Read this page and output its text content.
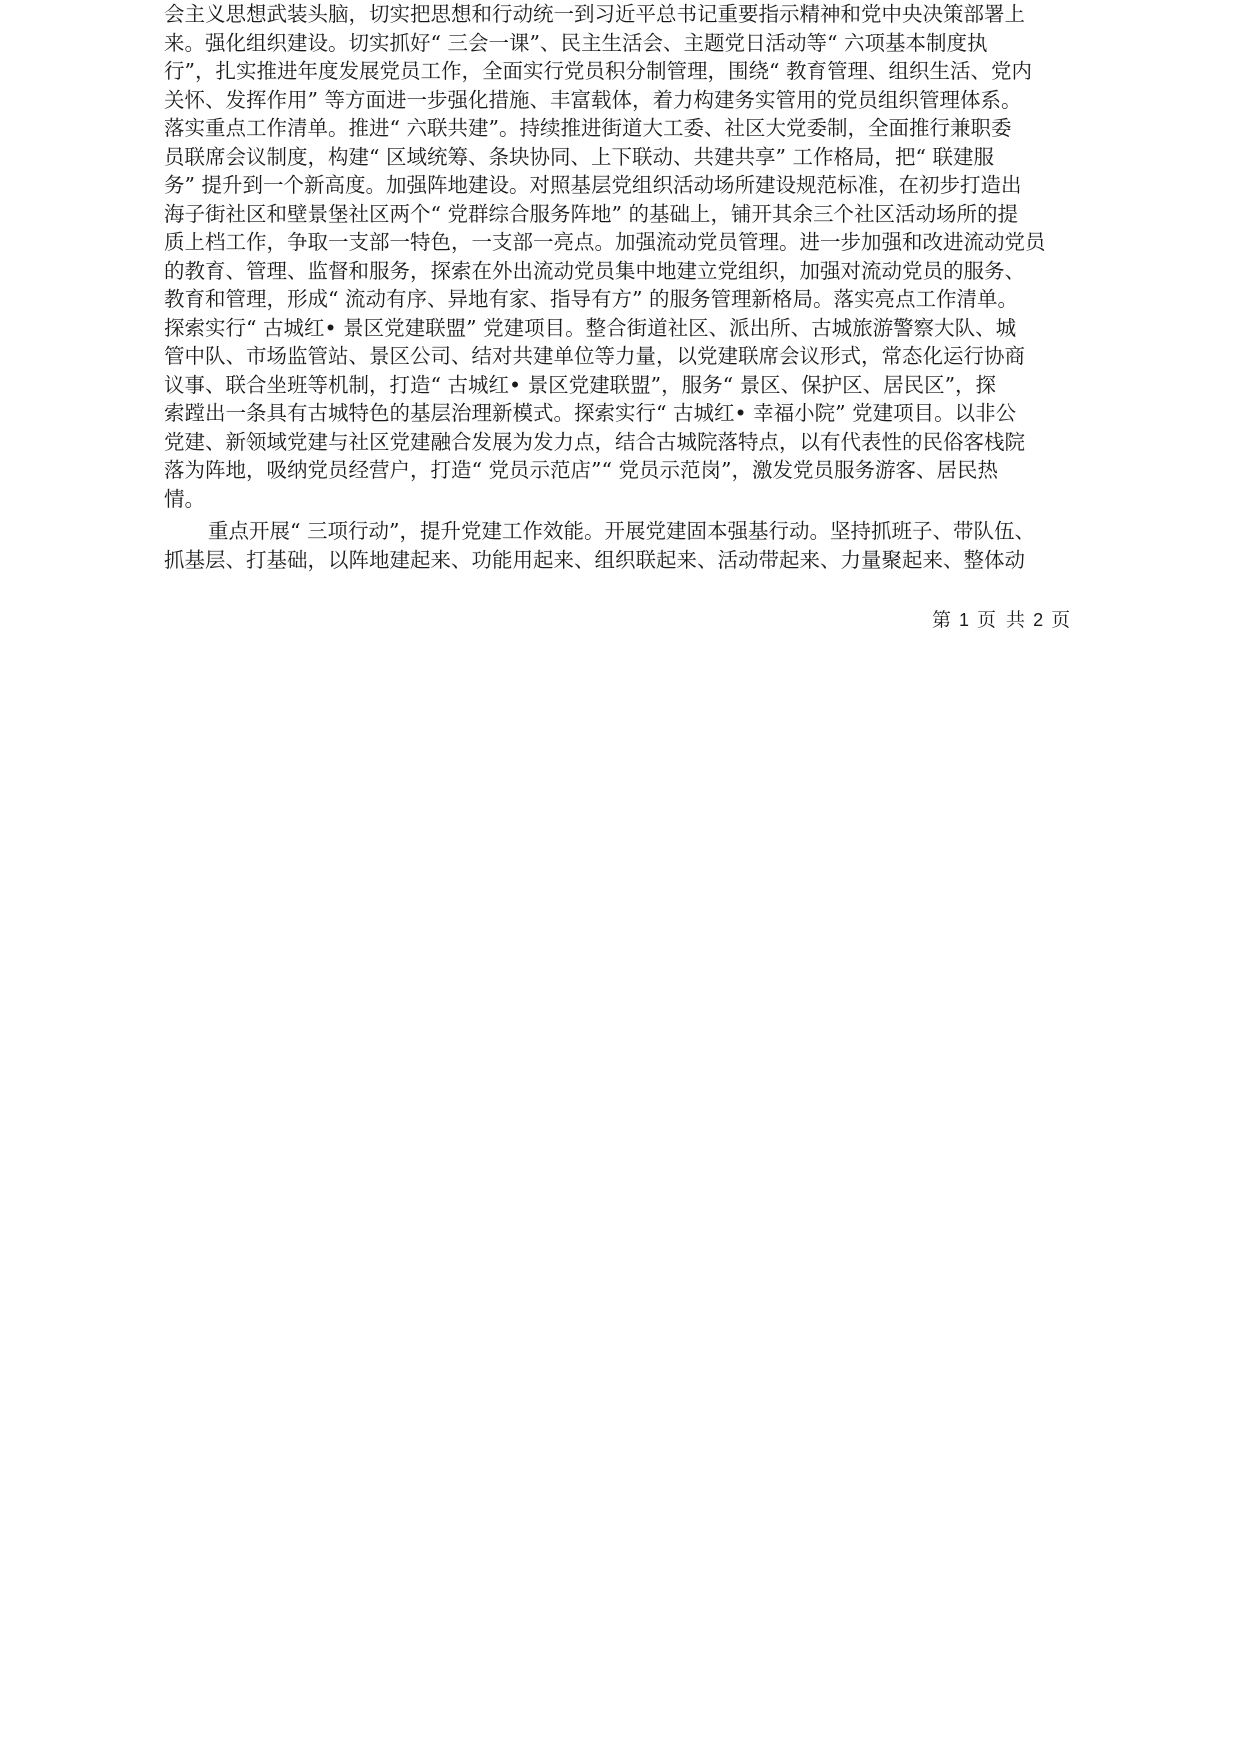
会主义思想武装头脑，切实把思想和行动统一到习近平总书记重要指示精神和党中央决策部署上
来。强化组织建设。切实抓好“ 三会一课”、民主生活会、主题党日活动等“ 六项基本制度执
行”，扎实推进年度发展党员工作，全面实行党员积分制管理，围绕“ 教育管理、组织生活、党内
关怀、发挥作用” 等方面进一步强化措施、丰富载体，着力构建务实管用的党员组织管理体系。
落实重点工作清单。推进“ 六联共建”。持续推进街道大工委、社区大党委制，全面推行兼职委
员联席会议制度，构建“ 区域统筹、条块协同、上下联动、共建共享” 工作格局，把“ 联建服
务” 提升到一个新高度。加强阵地建设。对照基层党组织活动场所建设规范标准，在初步打造出
海子街社区和壁景堡社区两个“ 党群综合服务阵地” 的基础上，铺开其余三个社区活动场所的提
质上档工作，争取一支部一特色，一支部一亮点。加强流动党员管理。进一步加强和改进流动党员
的教育、管理、监督和服务，探索在外出流动党员集中地建立党组织，加强对流动党员的服务、
教育和管理，形成“ 流动有序、异地有家、指导有方” 的服务管理新格局。落实亮点工作清单。
探索实行“ 古城红• 景区党建联盟” 党建项目。整合街道社区、派出所、古城旅游警察大队、城
管中队、市场监管站、景区公司、结对共建单位等力量，以党建联席会议形式，常态化运行协商
议事、联合坐班等机制，打造“ 古城红• 景区党建联盟”，服务“ 景区、保护区、居民区”，探
索蹚出一条具有古城特色的基层治理新模式。探索实行“ 古城红• 幸福小院” 党建项目。以非公
党建、新领域党建与社区党建融合发展为发力点，结合古城院落特点，以有代表性的民俗客栈院
落为阵地，吸纳党员经营户，打造“ 党员示范店”“ 党员示范岗”，激发党员服务游客、居民热
情。
重点开展“ 三项行动”，提升党建工作效能。开展党建固本强基行动。坚持抓班子、带队伍、
抓基层、打基础，以阵地建起来、功能用起来、组织联起来、活动带起来、力量聚起来、整体动
第 1 页 共 2 页
